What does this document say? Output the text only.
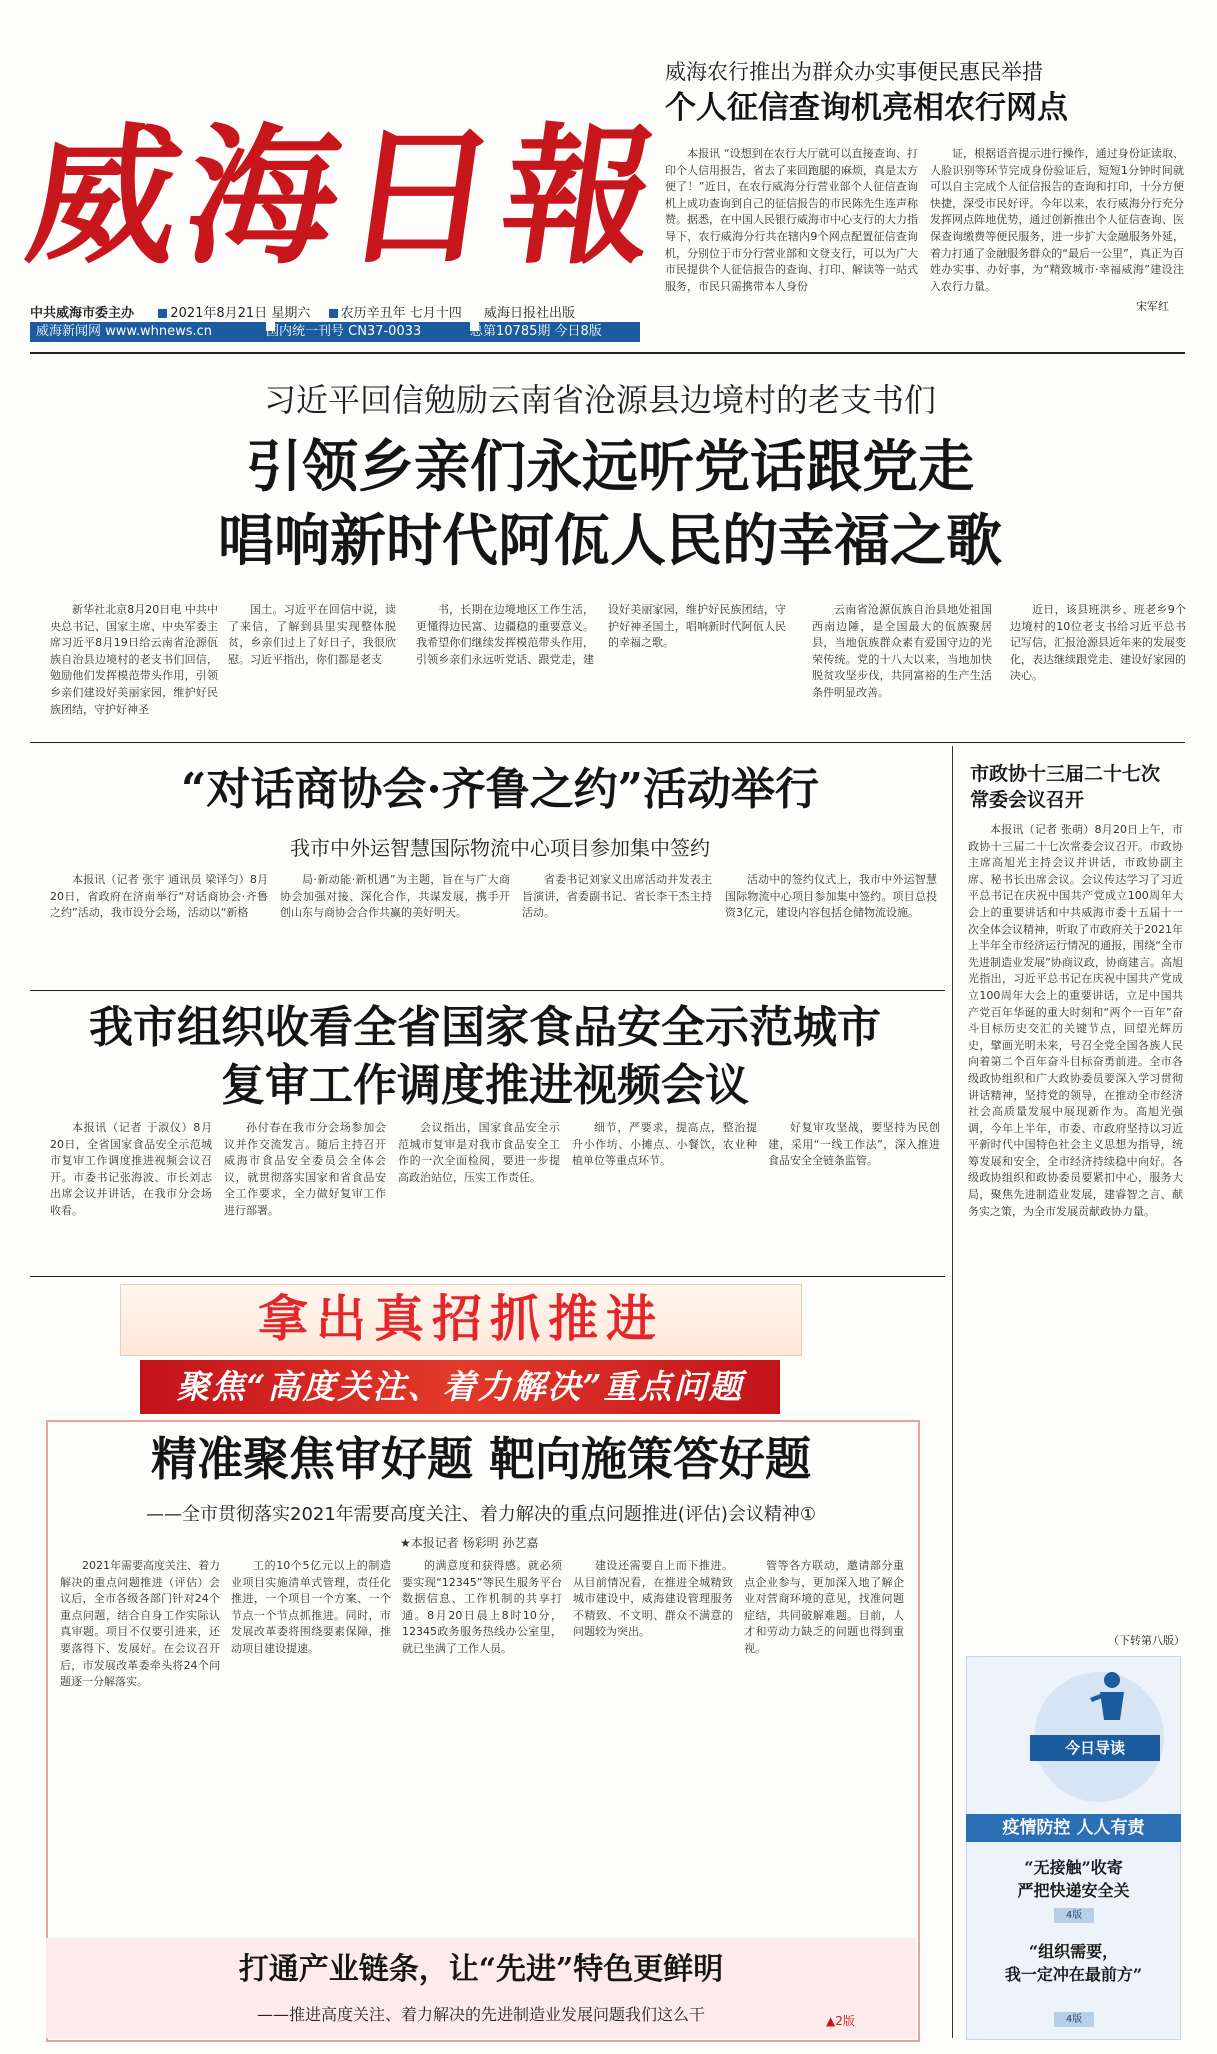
威海日報
中共威海市委主办	2021年8月21日 星期六 农历辛丑年 七月十四 威海日报社出版
威海新闻网 www.whnews.cn	国内统一刊号 CN37-0033	总第10785期 今日8版
威海农行推出为群众办实事便民惠民举措
个人征信查询机亮相农行网点

本报讯 “设想到在农行大厅就可以直接查询、打印个人信用报告，省去了来回跑腿的麻烦，真是太方便了！”近日，在农行威海分行营业部个人征信查询机上成功查询到自己的征信报告的市民陈先生连声称赞。据悉，在中国人民银行威海市中心支行的大力指导下，农行威海分行共在辖内9个网点配置征信查询机，分别位于市分行营业部和文登支行，可以为广大市民提供个人征信报告的查询、打印、解读等一站式服务，市民只需携带本人身份

证，根据语音提示进行操作，通过身份证读取、人脸识别等环节完成身份验证后，短短1分钟时间就可以自主完成个人征信报告的查询和打印，十分方便快捷，深受市民好评。今年以来，农行威海分行充分发挥网点阵地优势，通过创新推出个人征信查询、医保查询缴费等便民服务，进一步扩大金融服务外延，着力打通了金融服务群众的“最后一公里”，真正为百姓办实事、办好事，为“精致城市·幸福威海”建设注入农行力量。

宋军红
习近平回信勉励云南省沧源县边境村的老支书们
引领乡亲们永远听党话跟党走
唱响新时代阿佤人民的幸福之歌

新华社北京8月20日电 中共中央总书记、国家主席、中央军委主席习近平8月19日给云南省沧源佤族自治县边境村的老支书们回信，勉励他们发挥模范带头作用，引领乡亲们建设好美丽家园，维护好民族团结，守护好神圣

国土。习近平在回信中说，读了来信，了解到县里实现整体脱贫，乡亲们过上了好日子，我很欣慰。习近平指出，你们都是老支

书，长期在边境地区工作生活，更懂得边民富、边疆稳的重要意义。我希望你们继续发挥模范带头作用，引领乡亲们永远听党话、跟党走，建设好美丽家园，维护好民族团结，守护好神圣国土，唱响新时代阿佤人民的幸福之歌。

云南省沧源佤族自治县地处祖国西南边陲，是全国最大的佤族聚居县，当地佤族群众素有爱国守边的光荣传统。党的十八大以来，当地加快脱贫攻坚步伐，共同富裕的生产生活条件明显改善。

近日，该县班洪乡、班老乡9个边境村的10位老支书给习近平总书记写信，汇报沧源县近年来的发展变化，表达继续跟党走、建设好家园的决心。

“对话商协会·齐鲁之约”活动举行
我市中外运智慧国际物流中心项目参加集中签约

本报讯（记者 张宇 通讯员 梁译匀）8月20日，省政府在济南举行“对话商协会·齐鲁之约”活动，我市设分会场，活动以“新格

局·新动能·新机遇”为主题，旨在与广大商协会加强对接、深化合作，共谋发展，携手开创山东与商协会合作共赢的美好明天。

省委书记刘家义出席活动并发表主旨演讲，省委副书记、省长李干杰主持活动。

活动中的签约仪式上，我市中外运智慧国际物流中心项目参加集中签约。项目总投资3亿元，建设内容包括仓储物流设施。

我市组织收看全省国家食品安全示范城市
复审工作调度推进视频会议

本报讯（记者 于淑仪）8月20日，全省国家食品安全示范城市复审工作调度推进视频会议召开。市委书记张海波、市长刘志出席会议并讲话，在我市分会场收看。

孙付春在我市分会场参加会议并作交流发言。随后主持召开威海市食品安全委员会全体会议，就贯彻落实国家和省食品安全工作要求，全力做好复审工作进行部署。

会议指出，国家食品安全示范城市复审是对我市食品安全工作的一次全面检阅，要进一步提高政治站位，压实工作责任。

细节，严要求，提高点，整治提升小作坊、小摊点、小餐饮，农业种植单位等重点环节。

好复审攻坚战，要坚持为民创建，采用“一线工作法”，深入推进食品安全全链条监管。

拿出真招抓推进
聚焦“高度关注、着力解决”重点问题
精准聚焦审好题 靶向施策答好题
——全市贯彻落实2021年需要高度关注、着力解决的重点问题推进(评估)会议精神①
★本报记者 杨彩明 孙艺嘉

2021年需要高度关注、着力解决的重点问题推进（评估）会议后，全市各级各部门针对24个重点问题，结合自身工作实际认真审题。项目不仅要引进来，还要落得下、发展好。在会议召开后，市发展改革委牵头将24个问题逐一分解落实。

工的10个5亿元以上的制造业项目实施清单式管理，责任化推进，一个项目一个方案、一个节点一个节点抓推进。同时，市发展改革委将围绕要素保障，推动项目建设提速。

的满意度和获得感。就必须要实现“12345”等民生服务平台数据信息、工作机制的共享打通。8月20日晨上8时10分，12345政务服务热线办公室里，就已坐满了工作人员。

建设还需要自上而下推进。从目前情况看，在推进全城精致城市建设中，威海建设管理服务不精致、不文明、群众不满意的问题较为突出。

管等各方联动，邀请部分重点企业参与，更加深入地了解企业对营商环境的意见，找准问题症结，共同破解难题。目前，人才和劳动力缺乏的问题也得到重视。

打通产业链条，让“先进”特色更鲜明
——推进高度关注、着力解决的先进制造业发展问题我们这么干	▲2版
市政协十三届二十七次
常委会议召开

本报讯（记者 张萌）8月20日上午，市政协十三届二十七次常委会议召开。市政协主席高旭光主持会议并讲话，市政协副主席、秘书长出席会议。会议传达学习了习近平总书记在庆祝中国共产党成立100周年大会上的重要讲话和中共威海市委十五届十一次全体会议精神，听取了市政府关于2021年上半年全市经济运行情况的通报，围绕“全市先进制造业发展”协商议政，协商建言。高旭光指出，习近平总书记在庆祝中国共产党成立100周年大会上的重要讲话，立足中国共产党百年华诞的重大时刻和“两个一百年”奋斗目标历史交汇的关键节点，回望光辉历史，擘画光明未来，号召全党全国各族人民向着第二个百年奋斗目标奋勇前进。全市各级政协组织和广大政协委员要深入学习贯彻讲话精神，坚持党的领导，在推动全市经济社会高质量发展中展现新作为。高旭光强调，今年上半年，市委、市政府坚持以习近平新时代中国特色社会主义思想为指导，统筹发展和安全，全市经济持续稳中向好。各级政协组织和政协委员要紧扣中心，服务大局，聚焦先进制造业发展，建睿智之言、献务实之策，为全市发展贡献政协力量。

（下转第八版）
今日导读
疫情防控 人人有责
“无接触”收寄
严把快递安全关
4版
“组织需要，
我一定冲在最前方”
4版
